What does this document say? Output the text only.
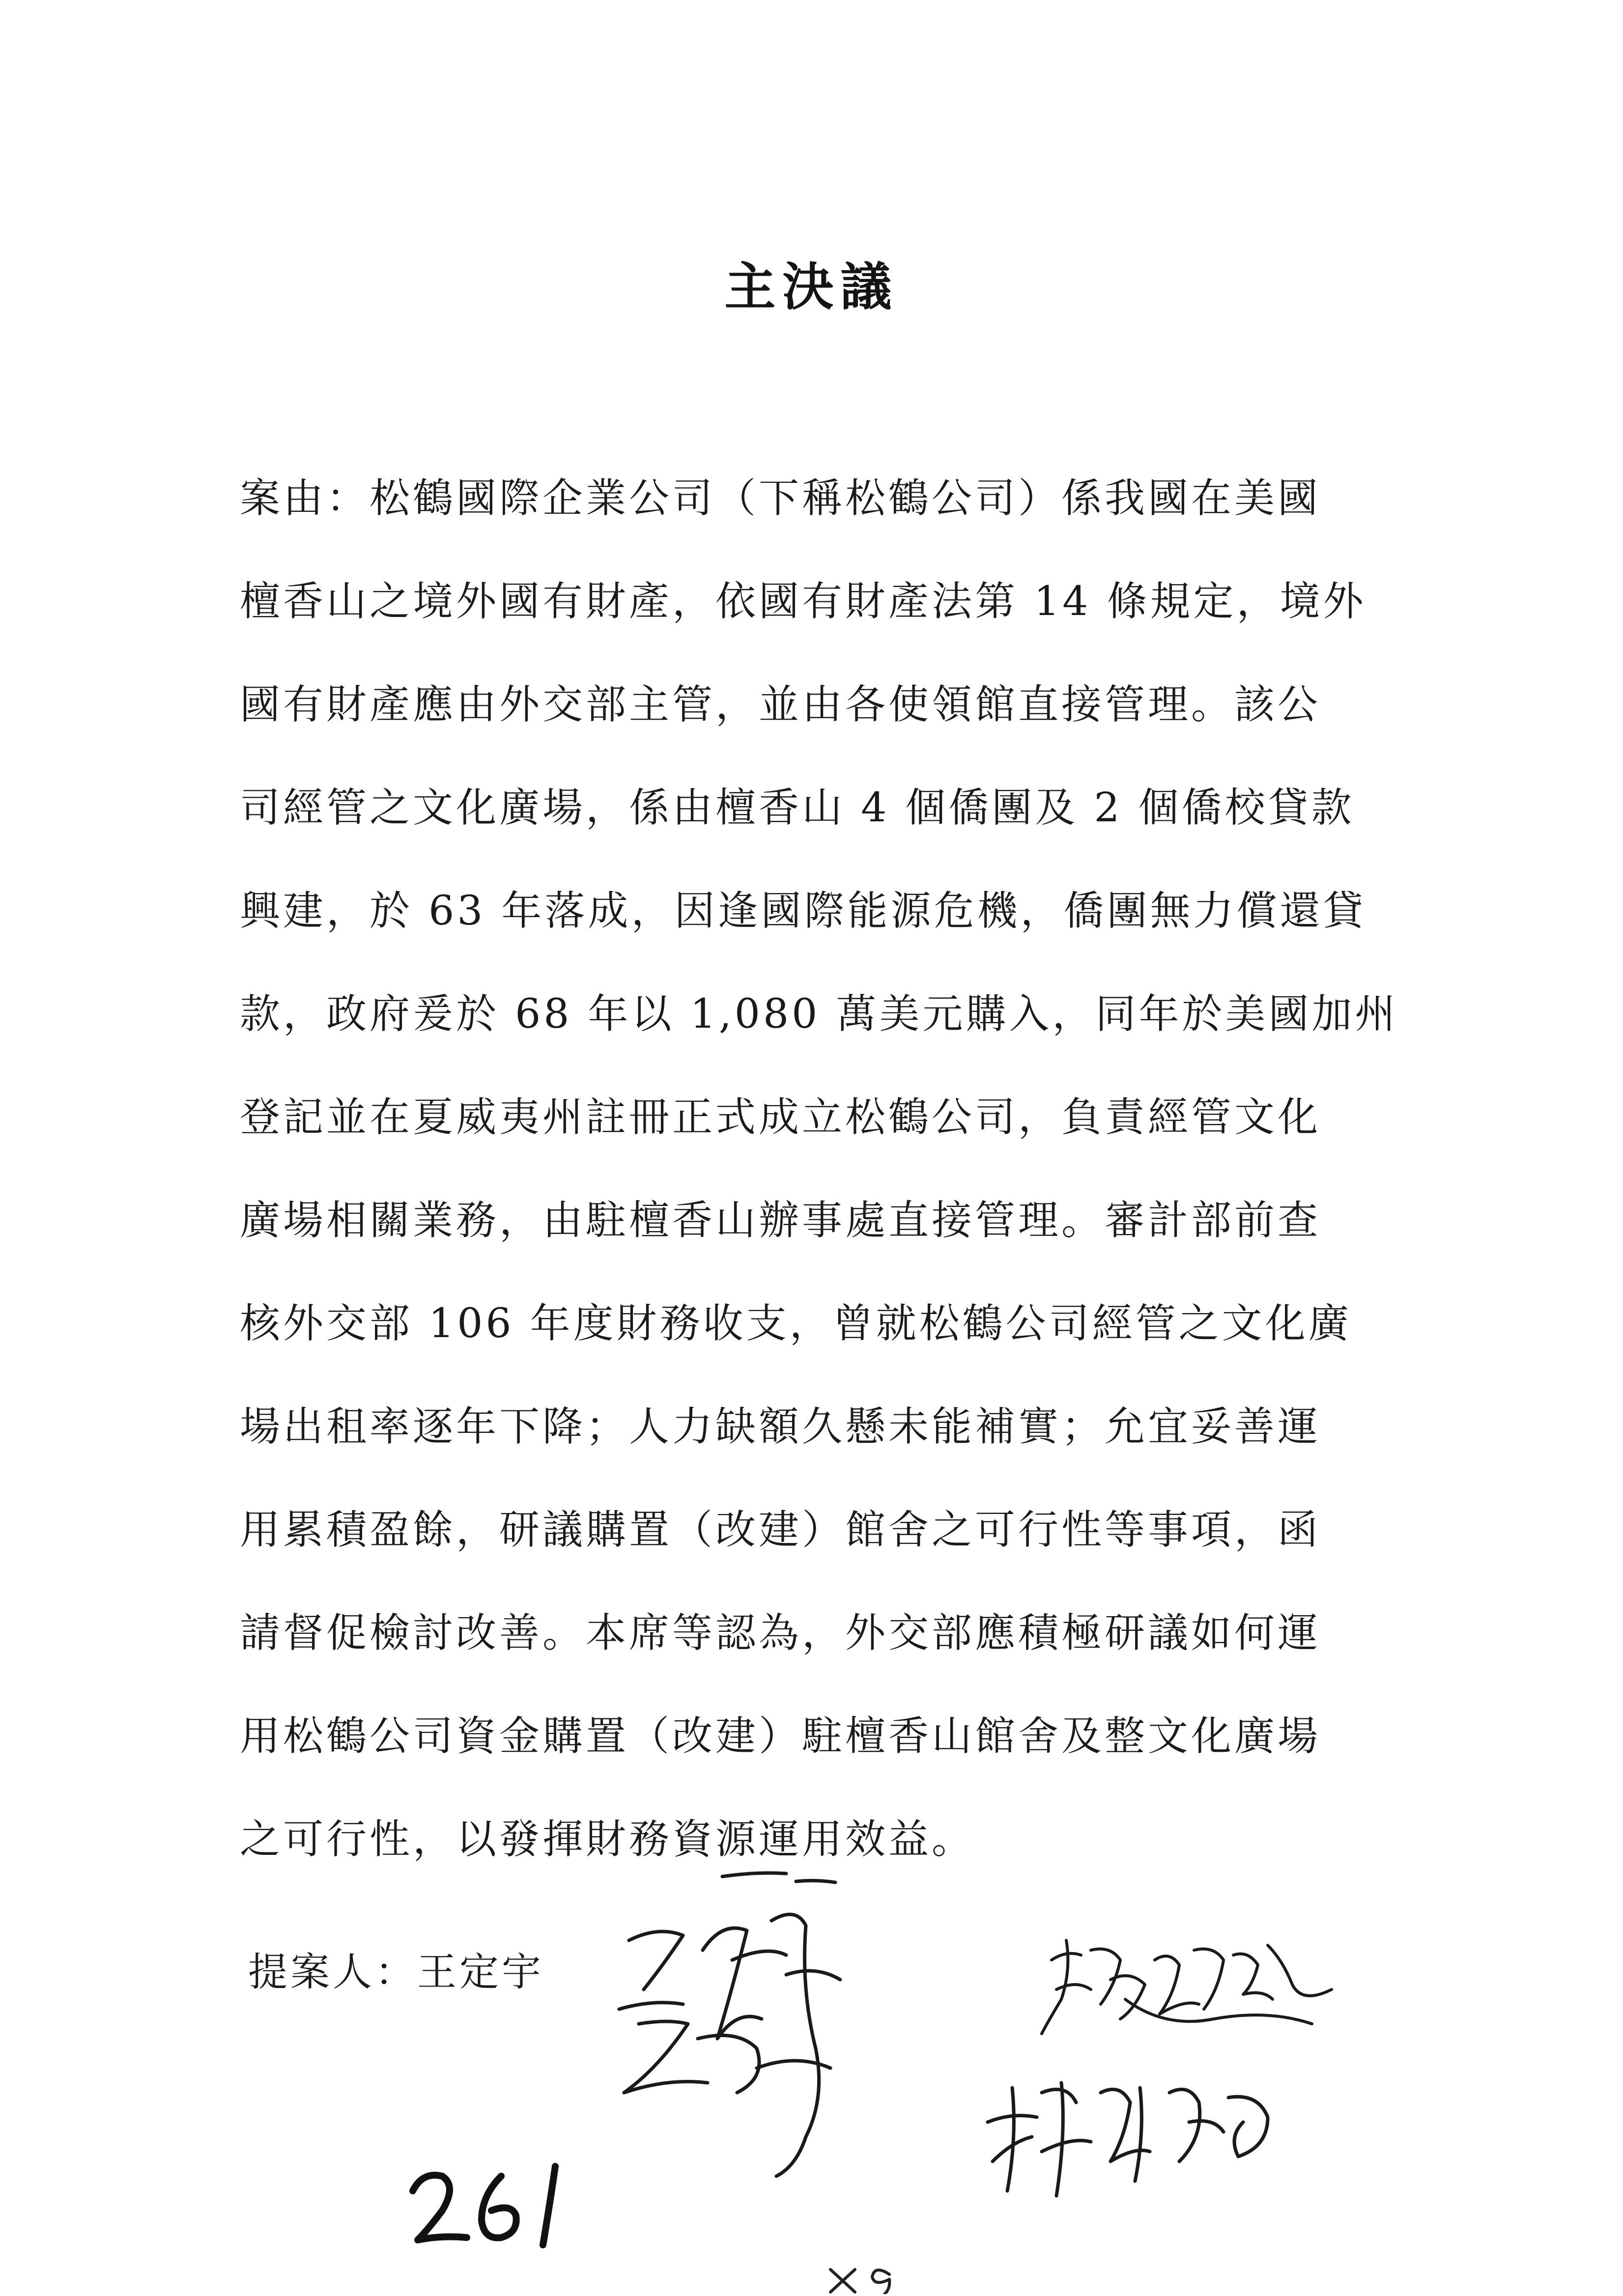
主決議
案由：松鶴國際企業公司（下稱松鶴公司）係我國在美國
檀香山之境外國有財產，依國有財產法第 14 條規定，境外
國有財產應由外交部主管，並由各使領館直接管理。該公
司經管之文化廣場，係由檀香山 4 個僑團及 2 個僑校貸款
興建，於 63 年落成，因逢國際能源危機，僑團無力償還貸
款，政府爰於 68 年以 1,080 萬美元購入，同年於美國加州
登記並在夏威夷州註冊正式成立松鶴公司，負責經管文化
廣場相關業務，由駐檀香山辦事處直接管理。審計部前查
核外交部 106 年度財務收支，曾就松鶴公司經管之文化廣
場出租率逐年下降；人力缺額久懸未能補實；允宜妥善運
用累積盈餘，研議購置（改建）館舍之可行性等事項，函
請督促檢討改善。本席等認為，外交部應積極研議如何運
用松鶴公司資金購置（改建）駐檀香山館舍及整文化廣場
之可行性，以發揮財務資源運用效益。
提案人：王定宇
